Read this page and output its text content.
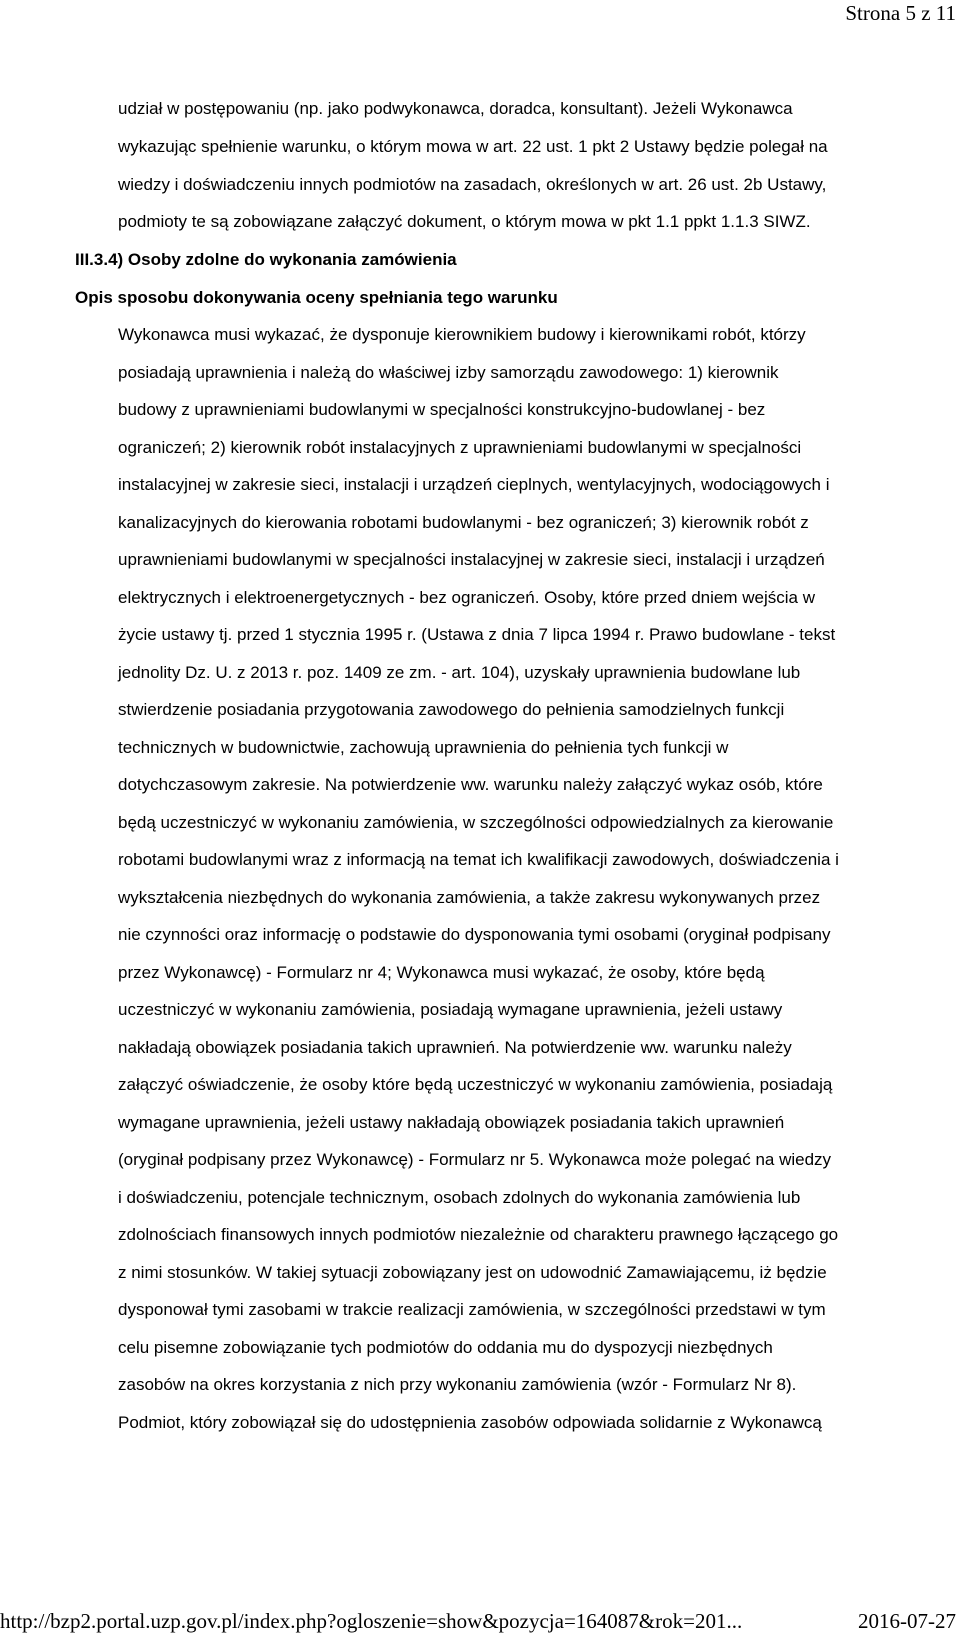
Strona 5 z 11
udział w postępowaniu (np. jako podwykonawca, doradca, konsultant). Jeżeli Wykonawca
wykazując spełnienie warunku, o którym mowa w art. 22 ust. 1 pkt 2 Ustawy będzie polegał na
wiedzy i doświadczeniu innych podmiotów na zasadach, określonych w art. 26 ust. 2b Ustawy,
podmioty te są zobowiązane załączyć dokument, o którym mowa w pkt 1.1 ppkt 1.1.3 SIWZ.
III.3.4) Osoby zdolne do wykonania zamówienia
Opis sposobu dokonywania oceny spełniania tego warunku
Wykonawca musi wykazać, że dysponuje kierownikiem budowy i kierownikami robót, którzy
posiadają uprawnienia i należą do właściwej izby samorządu zawodowego: 1) kierownik
budowy z uprawnieniami budowlanymi w specjalności konstrukcyjno-budowlanej - bez
ograniczeń; 2) kierownik robót instalacyjnych z uprawnieniami budowlanymi w specjalności
instalacyjnej w zakresie sieci, instalacji i urządzeń cieplnych, wentylacyjnych, wodociągowych i
kanalizacyjnych do kierowania robotami budowlanymi - bez ograniczeń; 3) kierownik robót z
uprawnieniami budowlanymi w specjalności instalacyjnej w zakresie sieci, instalacji i urządzeń
elektrycznych i elektroenergetycznych - bez ograniczeń. Osoby, które przed dniem wejścia w
życie ustawy tj. przed 1 stycznia 1995 r. (Ustawa z dnia 7 lipca 1994 r. Prawo budowlane - tekst
jednolity Dz. U. z 2013 r. poz. 1409 ze zm. - art. 104), uzyskały uprawnienia budowlane lub
stwierdzenie posiadania przygotowania zawodowego do pełnienia samodzielnych funkcji
technicznych w budownictwie, zachowują uprawnienia do pełnienia tych funkcji w
dotychczasowym zakresie. Na potwierdzenie ww. warunku należy załączyć wykaz osób, które
będą uczestniczyć w wykonaniu zamówienia, w szczególności odpowiedzialnych za kierowanie
robotami budowlanymi wraz z informacją na temat ich kwalifikacji zawodowych, doświadczenia i
wykształcenia niezbędnych do wykonania zamówienia, a także zakresu wykonywanych przez
nie czynności oraz informację o podstawie do dysponowania tymi osobami (oryginał podpisany
przez Wykonawcę) - Formularz nr 4; Wykonawca musi wykazać, że osoby, które będą
uczestniczyć w wykonaniu zamówienia, posiadają wymagane uprawnienia, jeżeli ustawy
nakładają obowiązek posiadania takich uprawnień. Na potwierdzenie ww. warunku należy
załączyć oświadczenie, że osoby które będą uczestniczyć w wykonaniu zamówienia, posiadają
wymagane uprawnienia, jeżeli ustawy nakładają obowiązek posiadania takich uprawnień
(oryginał podpisany przez Wykonawcę) - Formularz nr 5. Wykonawca może polegać na wiedzy
i doświadczeniu, potencjale technicznym, osobach zdolnych do wykonania zamówienia lub
zdolnościach finansowych innych podmiotów niezależnie od charakteru prawnego łączącego go
z nimi stosunków. W takiej sytuacji zobowiązany jest on udowodnić Zamawiającemu, iż będzie
dysponował tymi zasobami w trakcie realizacji zamówienia, w szczególności przedstawi w tym
celu pisemne zobowiązanie tych podmiotów do oddania mu do dyspozycji niezbędnych
zasobów na okres korzystania z nich przy wykonaniu zamówienia (wzór - Formularz Nr 8).
Podmiot, który zobowiązał się do udostępnienia zasobów odpowiada solidarnie z Wykonawcą
http://bzp2.portal.uzp.gov.pl/index.php?ogloszenie=show&pozycja=164087&rok=201...	2016-07-27
